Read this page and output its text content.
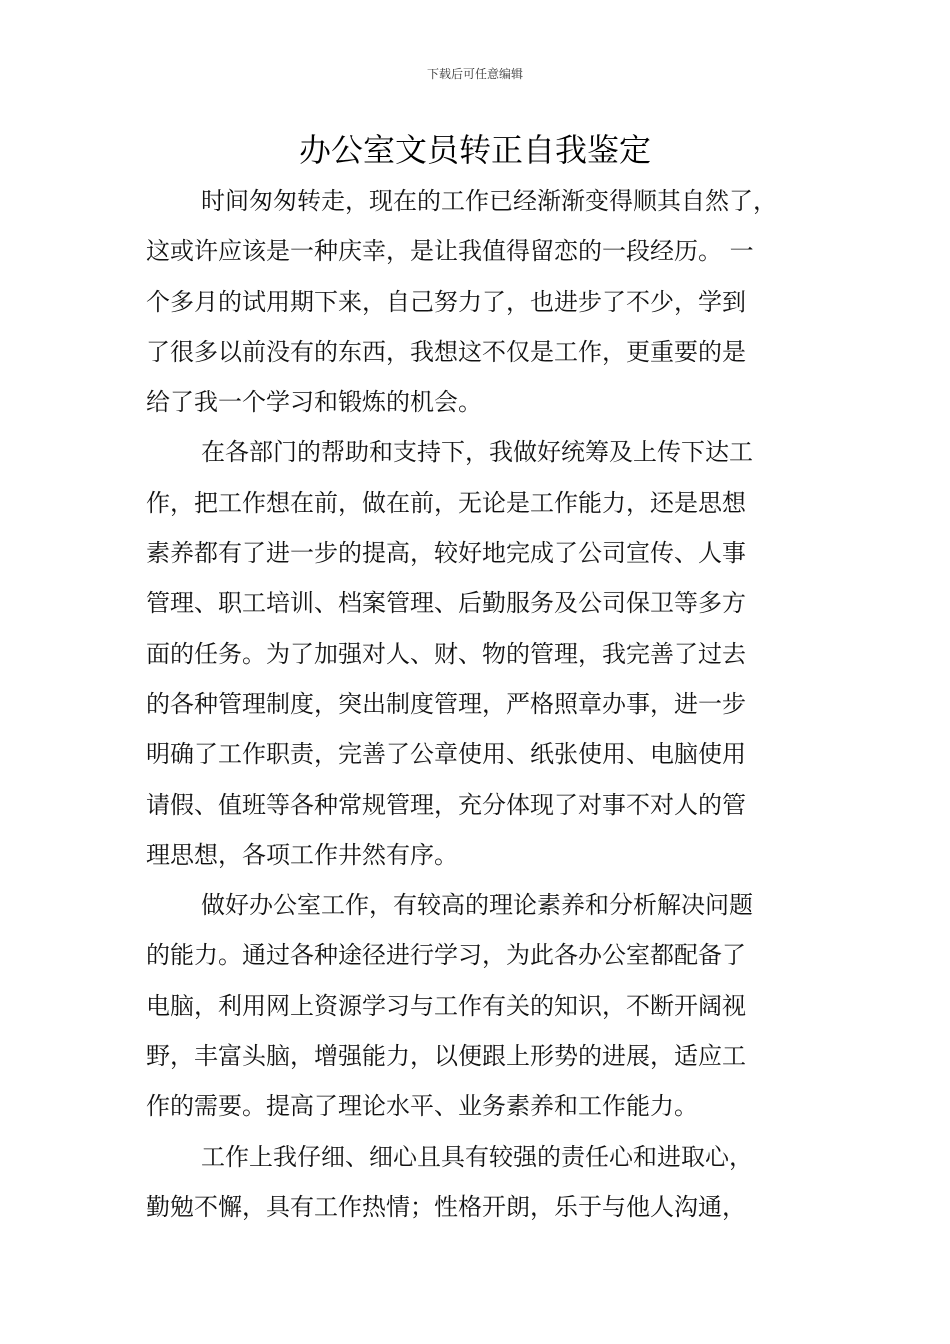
下载后可任意编辑
办公室文员转正自我鉴定
时间匆匆转走，现在的工作已经渐渐变得顺其自然了，
这或许应该是一种庆幸，是让我值得留恋的一段经历。 一
个多月的试用期下来，自己努力了，也进步了不少，学到
了很多以前没有的东西，我想这不仅是工作，更重要的是
给了我一个学习和锻炼的机会。
在各部门的帮助和支持下，我做好统筹及上传下达工
作，把工作想在前，做在前，无论是工作能力，还是思想
素养都有了进一步的提高，较好地完成了公司宣传、人事
管理、职工培训、档案管理、后勤服务及公司保卫等多方
面的任务。为了加强对人、财、物的管理，我完善了过去
的各种管理制度，突出制度管理，严格照章办事，进一步
明确了工作职责，完善了公章使用、纸张使用、电脑使用
请假、值班等各种常规管理，充分体现了对事不对人的管
理思想，各项工作井然有序。
做好办公室工作，有较高的理论素养和分析解决问题
的能力。通过各种途径进行学习，为此各办公室都配备了
电脑，利用网上资源学习与工作有关的知识，不断开阔视
野，丰富头脑，增强能力，以便跟上形势的进展，适应工
作的需要。提高了理论水平、业务素养和工作能力。
工作上我仔细、细心且具有较强的责任心和进取心，
勤勉不懈，具有工作热情；性格开朗，乐于与他人沟通，
